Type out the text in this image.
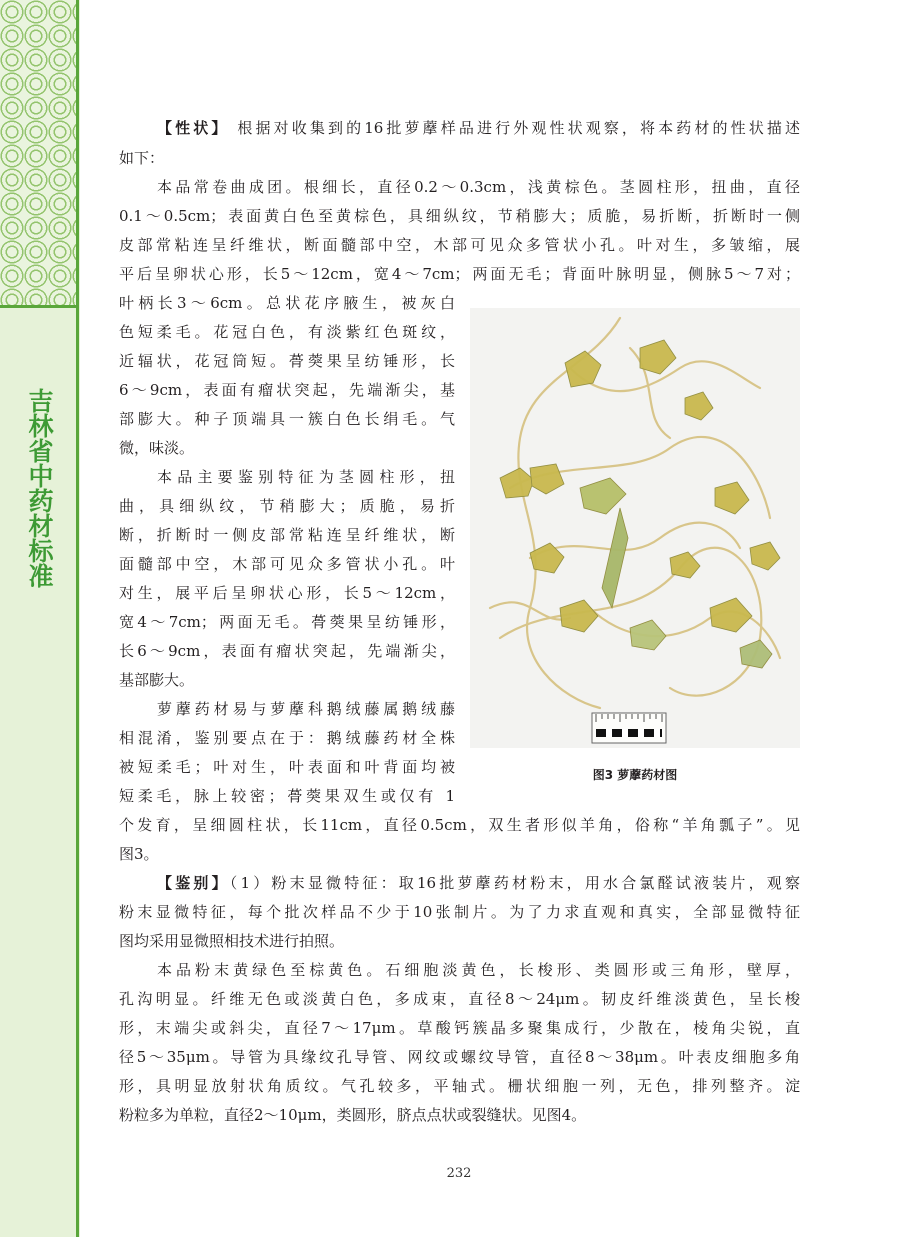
吉林省中药材标准
【性状】 根据对收集到的16批萝藦样品进行外观性状观察，将本药材的性状描述
如下：
本品常卷曲成团。根细长，直径0.2～0.3cm，浅黄棕色。茎圆柱形，扭曲，直径
0.1～0.5cm；表面黄白色至黄棕色，具细纵纹，节稍膨大；质脆，易折断，折断时一侧
皮部常粘连呈纤维状，断面髓部中空，木部可见众多管状小孔。叶对生，多皱缩，展
平后呈卵状心形，长5～12cm，宽4～7cm；两面无毛；背面叶脉明显，侧脉5～7对；
叶柄长3～6cm。总状花序腋生，被灰白
色短柔毛。花冠白色，有淡紫红色斑纹，
近辐状，花冠筒短。蓇葖果呈纺锤形，长
6～9cm，表面有瘤状突起，先端渐尖，基
部膨大。种子顶端具一簇白色长绢毛。气
微，味淡。
本品主要鉴别特征为茎圆柱形，扭
曲，具细纵纹，节稍膨大；质脆，易折
断，折断时一侧皮部常粘连呈纤维状，断
面髓部中空，木部可见众多管状小孔。叶
对生，展平后呈卵状心形，长5～12cm，
宽4～7cm；两面无毛。蓇葖果呈纺锤形，
长6～9cm，表面有瘤状突起，先端渐尖，
基部膨大。
萝藦药材易与萝藦科鹅绒藤属鹅绒藤
相混淆，鉴别要点在于：鹅绒藤药材全株
被短柔毛；叶对生，叶表面和叶背面均被
短柔毛，脉上较密；蓇葖果双生或仅有 1
个发育，呈细圆柱状，长11cm，直径0.5cm，双生者形似羊角，俗称“羊角瓢子”。见
图3。
【鉴别】（1）粉末显微特征：取16批萝藦药材粉末，用水合氯醛试液装片，观察
粉末显微特征，每个批次样品不少于10张制片。为了力求直观和真实，全部显微特征
图均采用显微照相技术进行拍照。
本品粉末黄绿色至棕黄色。石细胞淡黄色，长梭形、类圆形或三角形，壁厚，
孔沟明显。纤维无色或淡黄白色，多成束，直径8～24μm。韧皮纤维淡黄色，呈长梭
形，末端尖或斜尖，直径7～17μm。草酸钙簇晶多聚集成行，少散在，棱角尖锐，直
径5～35μm。导管为具缘纹孔导管、网纹或螺纹导管，直径8～38μm。叶表皮细胞多角
形，具明显放射状角质纹。气孔较多，平轴式。栅状细胞一列，无色，排列整齐。淀
粉粒多为单粒，直径2～10μm，类圆形，脐点点状或裂缝状。见图4。
图3 萝藦药材图
232
